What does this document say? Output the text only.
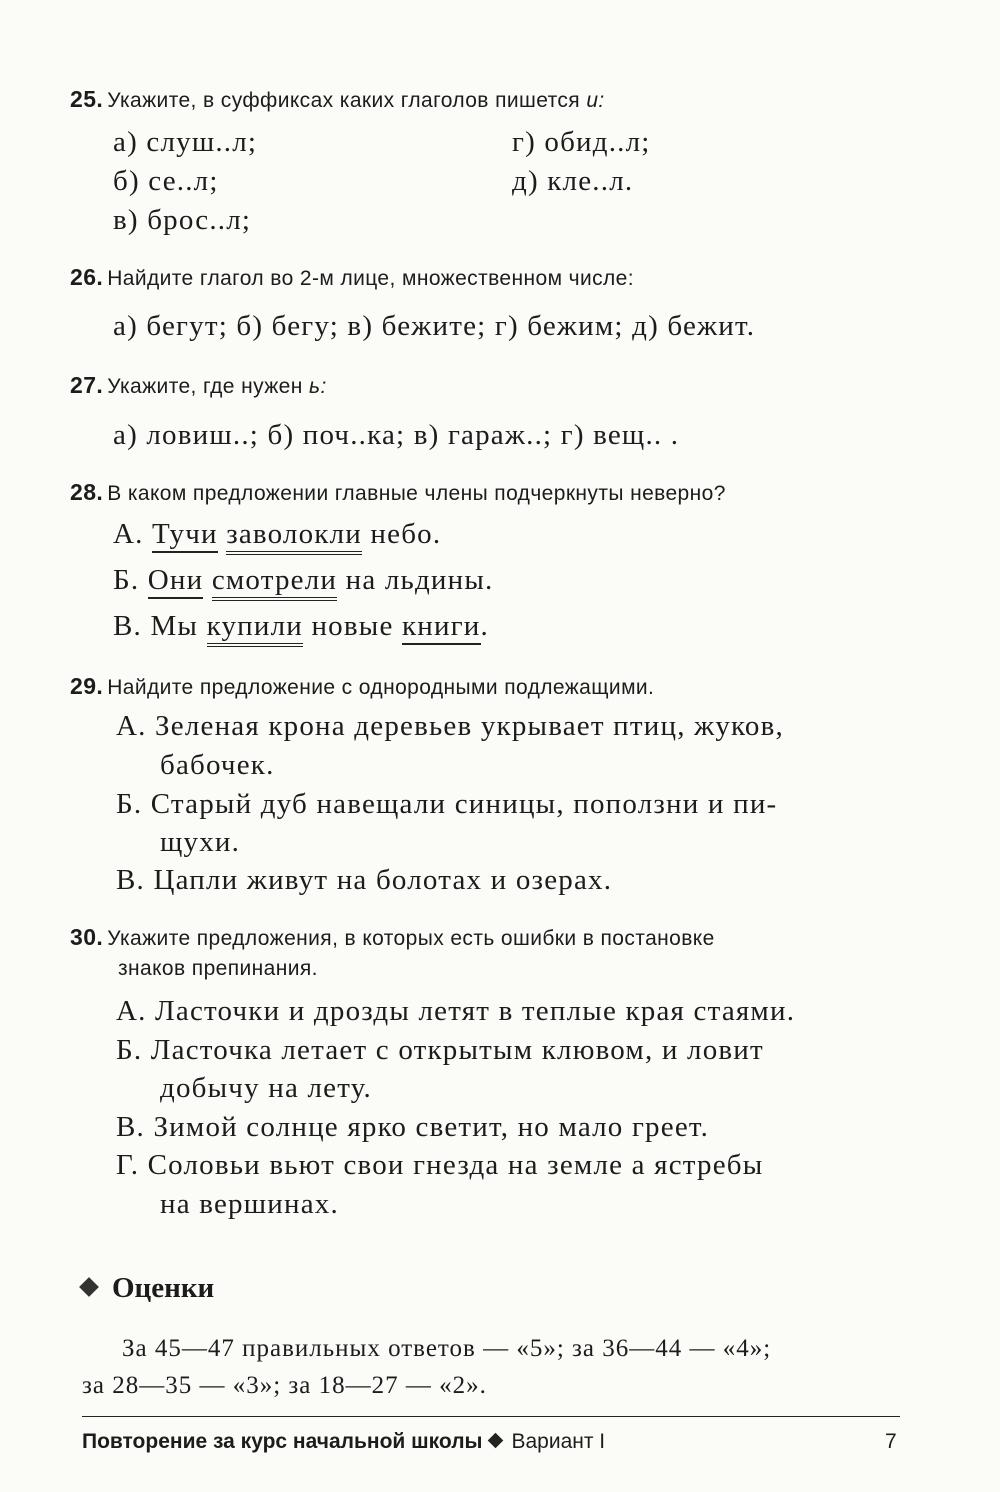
25. Укажите, в суффиксах каких глаголов пишется и:
а) слуш..л;
б) се..л;
в) брос..л;
г) обид..л;
д) кле..л.
26. Найдите глагол во 2-м лице, множественном числе:
а) бегут; б) бегу; в) бежите; г) бежим; д) бежит.
27. Укажите, где нужен ь:
а) ловиш..; б) поч..ка; в) гараж..; г) вещ.. .
28. В каком предложении главные члены подчеркнуты неверно?
А. Тучи заволокли небо.
Б. Они смотрели на льдины.
В. Мы купили новые книги.
29. Найдите предложение с однородными подлежащими.
А. Зеленая крона деревьев укрывает птиц, жуков,
бабочек.
Б. Старый дуб навещали синицы, поползни и пи-
щухи.
В. Цапли живут на болотах и озерах.
30. Укажите предложения, в которых есть ошибки в постановке
знаков препинания.
А. Ласточки и дрозды летят в теплые края стаями.
Б. Ласточка летает с открытым клювом, и ловит
добычу на лету.
В. Зимой солнце ярко светит, но мало греет.
Г. Соловьи вьют свои гнезда на земле а ястребы
на вершинах.
Оценки
За 45—47 правильных ответов — «5»; за 36—44 — «4»;
за 28—35 — «3»; за 18—27 — «2».
Повторение за курс начальной школы Вариант I	7
